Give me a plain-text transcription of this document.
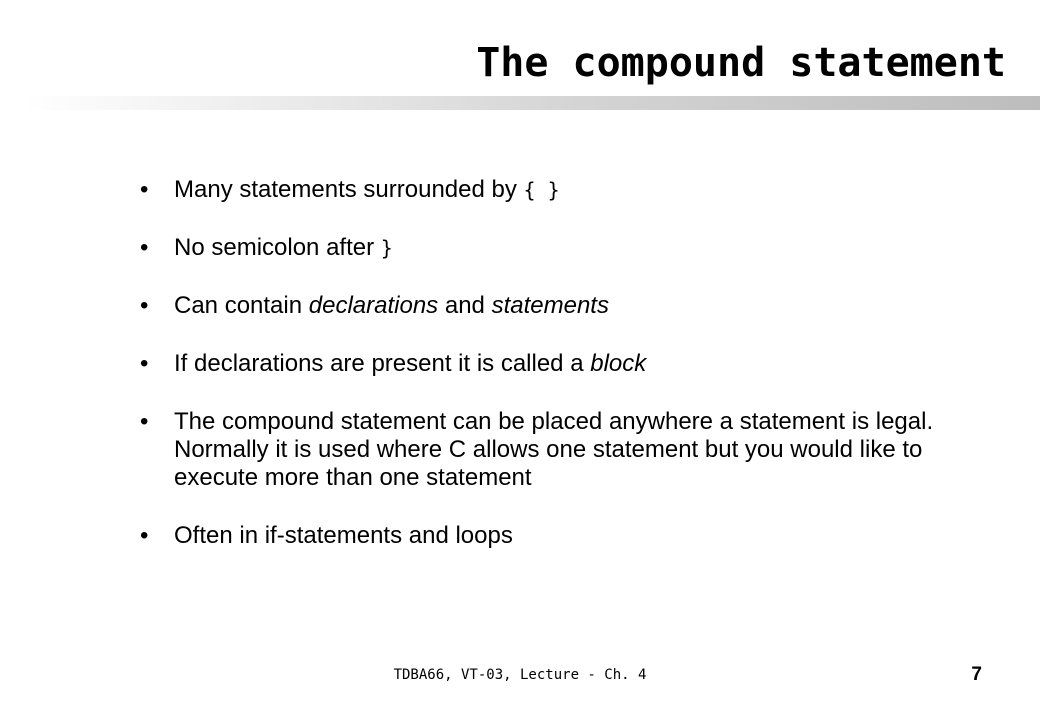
The compound statement
•	Many statements surrounded by { }
•	No semicolon after }
•	Can contain declarations and statements
•	If declarations are present it is called a block
•	The compound statement can be placed anywhere a statement is legal. Normally it is used where C allows one statement but you would like to execute more than one statement
•	Often in if-statements and loops
TDBA66, VT-03, Lecture - Ch. 4	7
